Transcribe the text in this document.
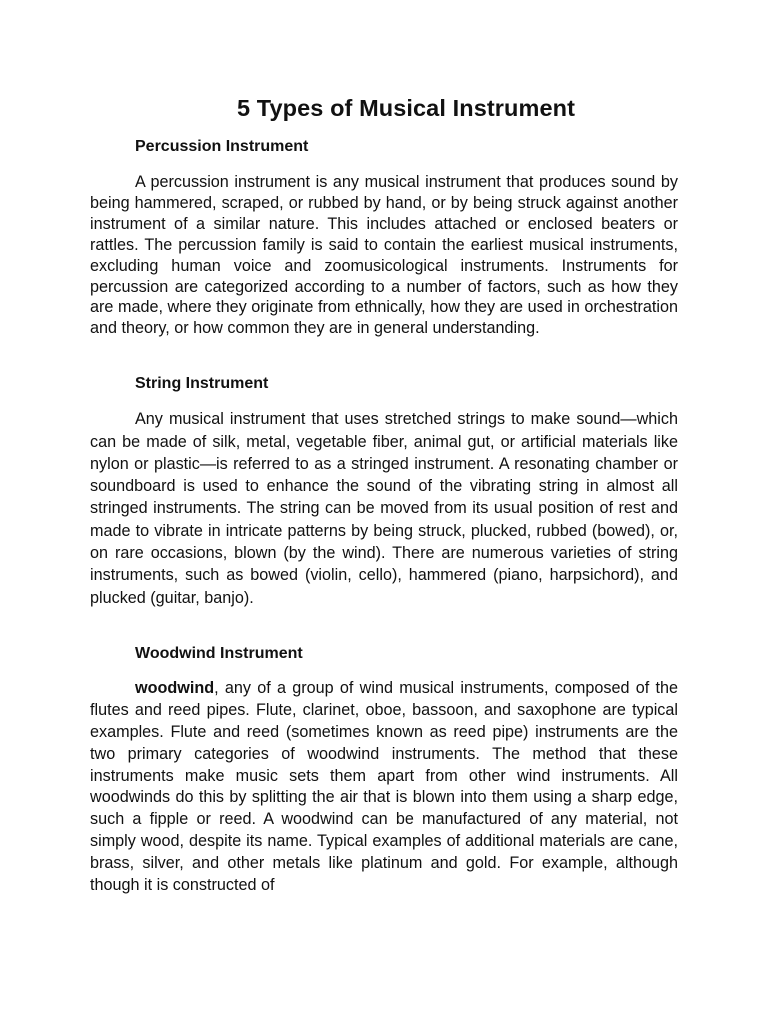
5 Types of Musical Instrument
Percussion Instrument

A percussion instrument is any musical instrument that produces sound by being hammered, scraped, or rubbed by hand, or by being struck against another instrument of a similar nature. This includes attached or enclosed beaters or rattles. The percussion family is said to contain the earliest musical instruments, excluding human voice and zoomusicological instruments. Instruments for percussion are categorized according to a number of factors, such as how they are made, where they originate from ethnically, how they are used in orchestration and theory, or how common they are in general understanding.

String Instrument

Any musical instrument that uses stretched strings to make sound—which can be made of silk, metal, vegetable fiber, animal gut, or artificial materials like nylon or plastic—is referred to as a stringed instrument. A resonating chamber or soundboard is used to enhance the sound of the vibrating string in almost all stringed instruments. The string can be moved from its usual position of rest and made to vibrate in intricate patterns by being struck, plucked, rubbed (bowed), or, on rare occasions, blown (by the wind). There are numerous varieties of string instruments, such as bowed (violin, cello), hammered (piano, harpsichord), and plucked (guitar, banjo).

Woodwind Instrument

woodwind, any of a group of wind musical instruments, composed of the flutes and reed pipes. Flute, clarinet, oboe, bassoon, and saxophone are typical examples. Flute and reed (sometimes known as reed pipe) instruments are the two primary categories of woodwind instruments. The method that these instruments make music sets them apart from other wind instruments. All woodwinds do this by splitting the air that is blown into them using a sharp edge, such a fipple or reed. A woodwind can be manufactured of any material, not simply wood, despite its name. Typical examples of additional materials are cane, brass, silver, and other metals like platinum and gold. For example, although though it is constructed of
